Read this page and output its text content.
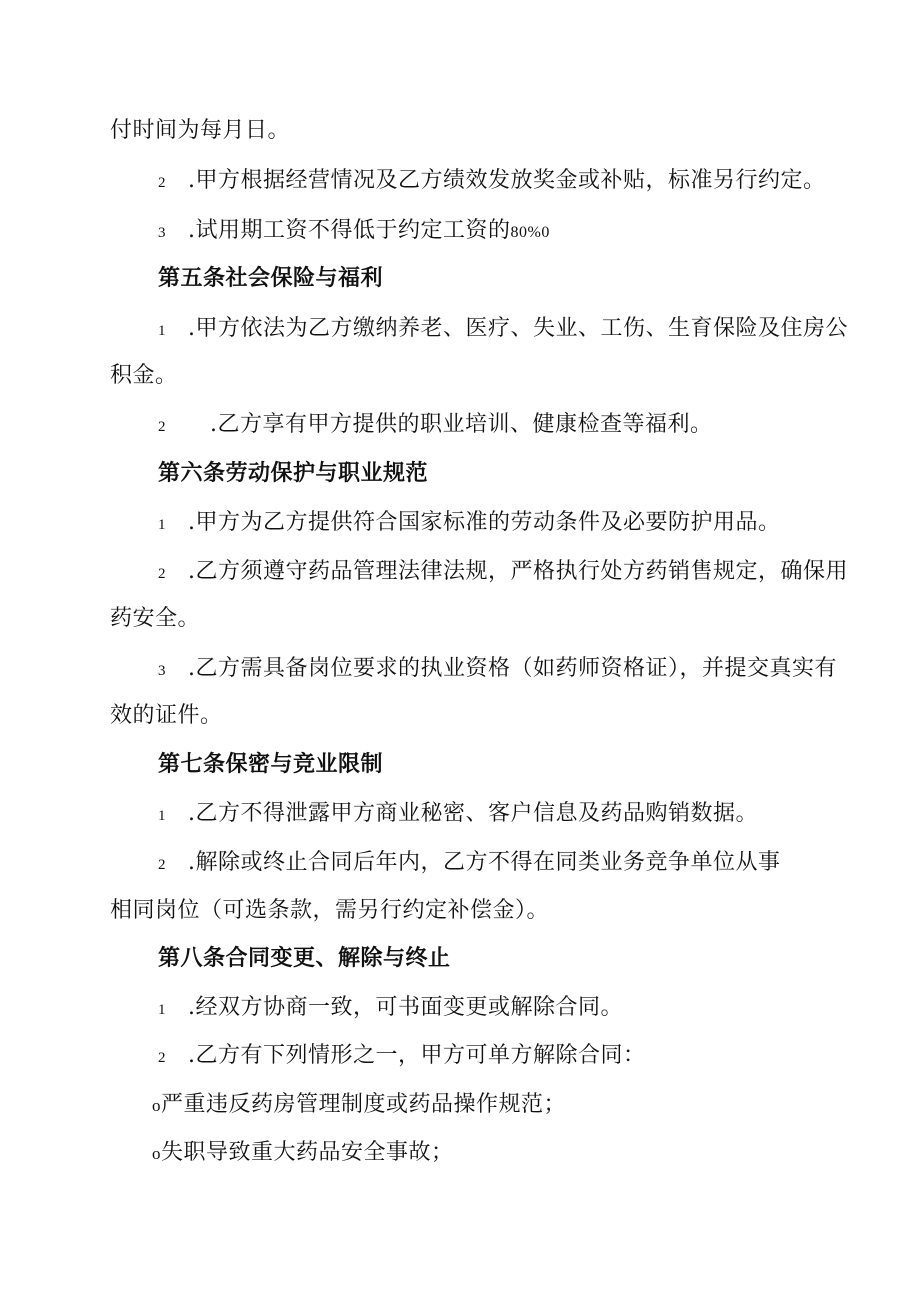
付时间为每月日。
2 .甲方根据经营情况及乙方绩效发放奖金或补贴，标准另行约定。
3 .试用期工资不得低于约定工资的80%0
第五条社会保险与福利
1 .甲方依法为乙方缴纳养老、医疗、失业、工伤、生育保险及住房公
积金。
2 .乙方享有甲方提供的职业培训、健康检查等福利。
第六条劳动保护与职业规范
1 .甲方为乙方提供符合国家标准的劳动条件及必要防护用品。
2 .乙方须遵守药品管理法律法规，严格执行处方药销售规定，确保用
药安全。
3 .乙方需具备岗位要求的执业资格（如药师资格证），并提交真实有
效的证件。
第七条保密与竞业限制
1 .乙方不得泄露甲方商业秘密、客户信息及药品购销数据。
2 .解除或终止合同后年内，乙方不得在同类业务竞争单位从事
相同岗位（可选条款，需另行约定补偿金）。
第八条合同变更、解除与终止
1 .经双方协商一致，可书面变更或解除合同。
2 .乙方有下列情形之一，甲方可单方解除合同：
o严重违反药房管理制度或药品操作规范；
o失职导致重大药品安全事故；
